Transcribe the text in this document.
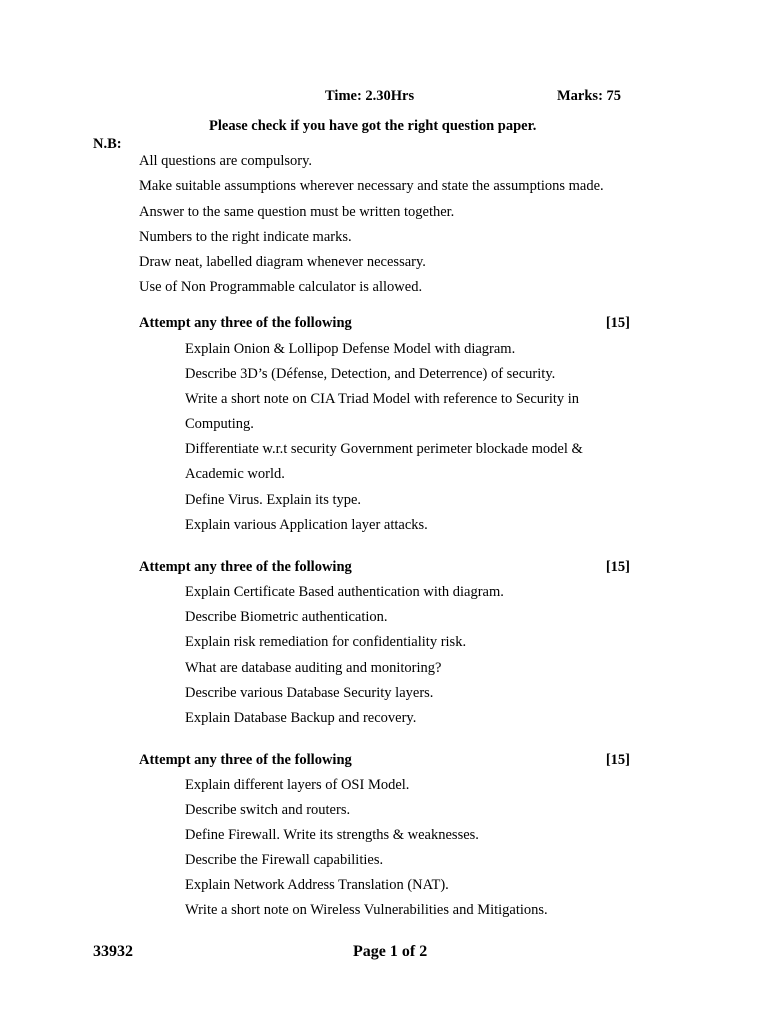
Time: 2.30Hrs	Marks: 75
Please check if you have got the right question paper.
N.B:
All questions are compulsory.
Make suitable assumptions wherever necessary and state the assumptions made.
Answer to the same question must be written together.
Numbers to the right indicate marks.
Draw neat, labelled diagram whenever necessary.
Use of Non Programmable calculator is allowed.
Attempt any three of the following	[15]
Explain Onion & Lollipop Defense Model with diagram.
Describe 3D’s (Défense, Detection, and Deterrence) of security.
Write a short note on CIA Triad Model with reference to Security in
Computing.
Differentiate w.r.t security Government perimeter blockade model &
Academic world.
Define Virus. Explain its type.
Explain various Application layer attacks.
Attempt any three of the following	[15]
Explain Certificate Based authentication with diagram.
Describe Biometric authentication.
Explain risk remediation for confidentiality risk.
What are database auditing and monitoring?
Describe various Database Security layers.
Explain Database Backup and recovery.
Attempt any three of the following	[15]
Explain different layers of OSI Model.
Describe switch and routers.
Define Firewall. Write its strengths & weaknesses.
Describe the Firewall capabilities.
Explain Network Address Translation (NAT).
Write a short note on Wireless Vulnerabilities and Mitigations.
33932	Page 1 of 2
